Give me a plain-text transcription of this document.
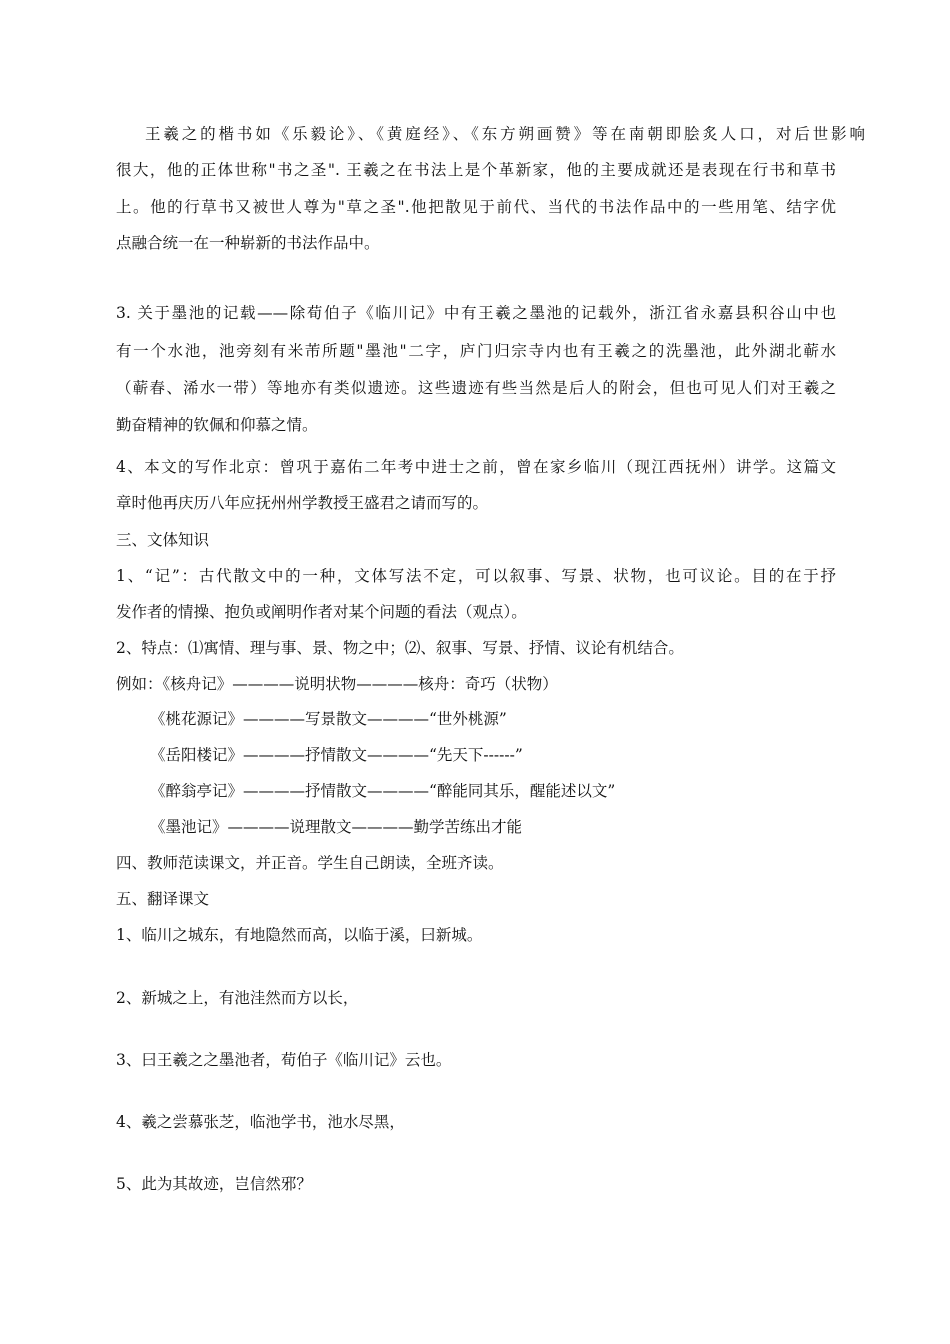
王羲之的楷书如《乐毅论》、《黄庭经》、《东方朔画赞》等在南朝即脍炙人口，对后世影响
很大，他的正体世称"书之圣". 王羲之在书法上是个革新家，他的主要成就还是表现在行书和草书
上。他的行草书又被世人尊为"草之圣".他把散见于前代、当代的书法作品中的一些用笔、结字优
点融合统一在一种崭新的书法作品中。
3. 关于墨池的记载——除荀伯子《临川记》中有王羲之墨池的记载外，浙江省永嘉县积谷山中也
有一个水池，池旁刻有米芾所题"墨池"二字，庐门归宗寺内也有王羲之的洗墨池，此外湖北蕲水
（蕲春、浠水一带）等地亦有类似遗迹。这些遗迹有些当然是后人的附会，但也可见人们对王羲之
勤奋精神的钦佩和仰慕之情。
4、本文的写作北京：曾巩于嘉佑二年考中进士之前，曾在家乡临川（现江西抚州）讲学。这篇文
章时他再庆历八年应抚州州学教授王盛君之请而写的。
三、文体知识
1、“记”：古代散文中的一种，文体写法不定，可以叙事、写景、状物，也可议论。目的在于抒
发作者的情操、抱负或阐明作者对某个问题的看法（观点）。
2、特点：⑴寓情、理与事、景、物之中；⑵、叙事、写景、抒情、议论有机结合。
例如：《核舟记》————说明状物————核舟：奇巧（状物）
《桃花源记》————写景散文————“世外桃源”
《岳阳楼记》————抒情散文————“先天下------”
《醉翁亭记》————抒情散文————“醉能同其乐，醒能述以文”
《墨池记》————说理散文————勤学苦练出才能
四、教师范读课文，并正音。学生自己朗读，全班齐读。
五、翻译课文
1、临川之城东，有地隐然而高，以临于溪，曰新城。
2、新城之上，有池洼然而方以长，
3、曰王羲之之墨池者，荀伯子《临川记》云也。
4、羲之尝慕张芝，临池学书，池水尽黑，
5、此为其故迹，岂信然邪？
